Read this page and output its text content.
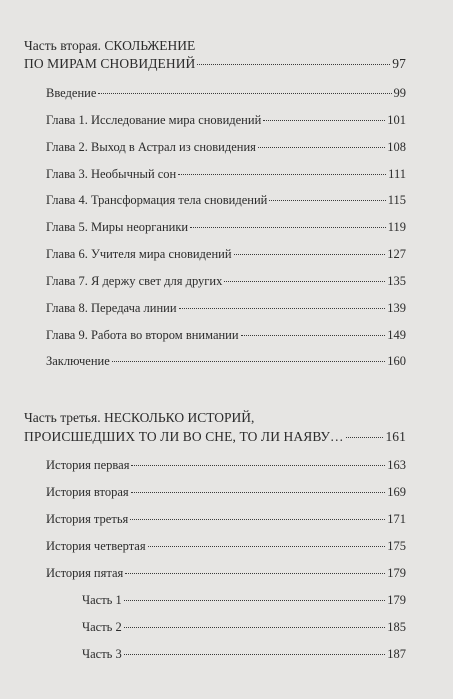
Часть вторая. СКОЛЬЖЕНИЕ
ПО МИРАМ СНОВИДЕНИЙ	97
Введение	99
Глава 1. Исследование мира сновидений	101
Глава 2. Выход в Астрал из сновидения	108
Глава 3. Необычный сон	111
Глава 4. Трансформация тела сновидений	115
Глава 5. Миры неорганики	119
Глава 6. Учителя мира сновидений	127
Глава 7. Я держу свет для других	135
Глава 8. Передача линии	139
Глава 9. Работа во втором внимании	149
Заключение	160
Часть третья. НЕСКОЛЬКО ИСТОРИЙ,
ПРОИСШЕДШИХ ТО ЛИ ВО СНЕ, ТО ЛИ НАЯВУ…	161
История первая	163
История вторая	169
История третья	171
История четвертая	175
История пятая	179
Часть 1	179
Часть 2	185
Часть 3	187
